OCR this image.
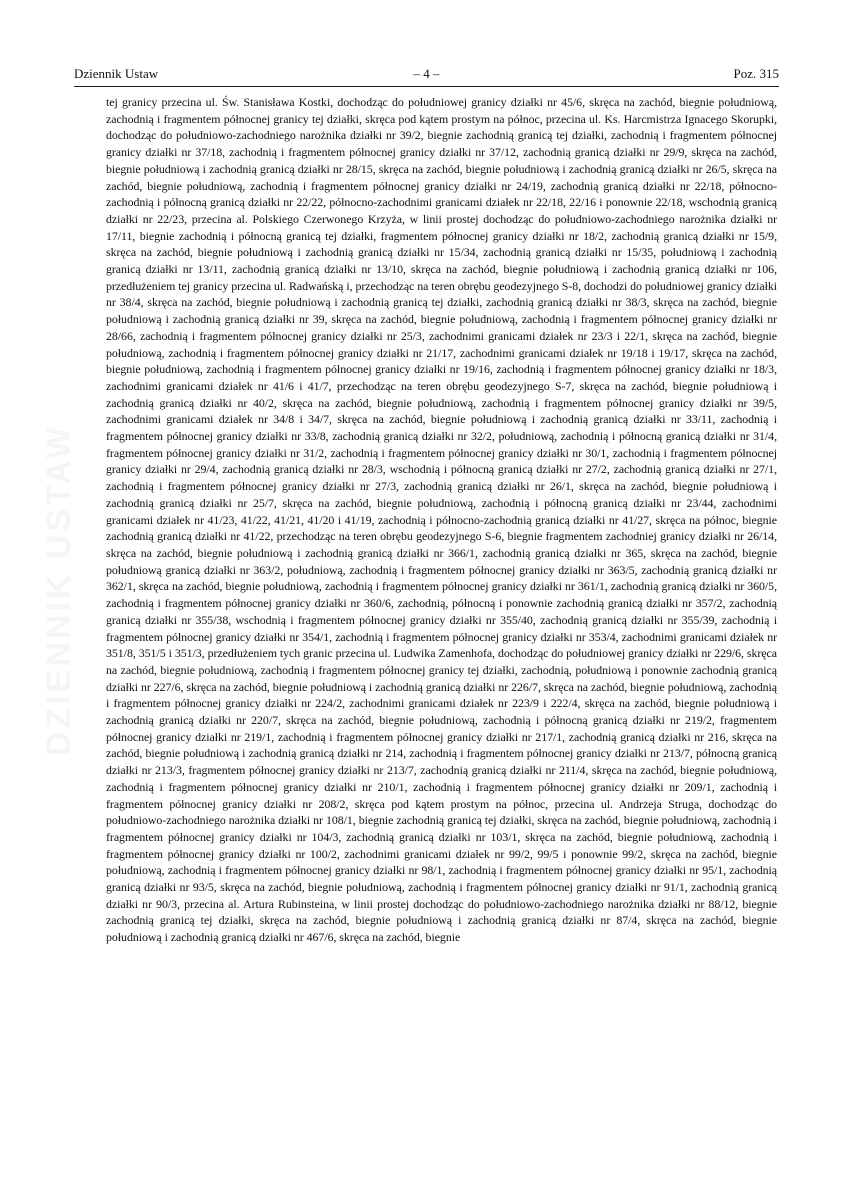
DZIENNIK USTAW
Dziennik Ustaw	– 4 –	Poz. 315

tej granicy przecina ul. Św. Stanisława Kostki, dochodząc do południowej granicy działki nr 45/6, skręca na zachód, biegnie południową, zachodnią i fragmentem północnej granicy tej działki, skręca pod kątem prostym na północ, przecina ul. Ks. Harcmistrza Ignacego Skorupki, dochodząc do południowo-zachodniego narożnika działki nr 39/2, biegnie zachodnią granicą tej działki, zachodnią i fragmentem północnej granicy działki nr 37/18, zachodnią i fragmentem północnej granicy działki nr 37/12, zachodnią granicą działki nr 29/9, skręca na zachód, biegnie południową i zachodnią granicą działki nr 28/15, skręca na zachód, biegnie południową i zachodnią granicą działki nr 26/5, skręca na zachód, biegnie południową, zachodnią i fragmentem północnej granicy działki nr 24/19, zachodnią granicą działki nr 22/18, północno-zachodnią i północną granicą działki nr 22/22, północno-zachodnimi granicami działek nr 22/18, 22/16 i ponownie 22/18, wschodnią granicą działki nr 22/23, przecina al. Polskiego Czerwonego Krzyża, w linii prostej dochodząc do południowo-zachodniego narożnika działki nr 17/11, biegnie zachodnią i północną granicą tej działki, fragmentem północnej granicy działki nr 18/2, zachodnią granicą działki nr 15/9, skręca na zachód, biegnie południową i zachodnią granicą działki nr 15/34, zachodnią granicą działki nr 15/35, południową i zachodnią granicą działki nr 13/11, zachodnią granicą działki nr 13/10, skręca na zachód, biegnie południową i zachodnią granicą działki nr 106, przedłużeniem tej granicy przecina ul. Radwańską i, przechodząc na teren obrębu geodezyjnego S-8, dochodzi do południowej granicy działki nr 38/4, skręca na zachód, biegnie południową i zachodnią granicą tej działki, zachodnią granicą działki nr 38/3, skręca na zachód, biegnie południową i zachodnią granicą działki nr 39, skręca na zachód, biegnie południową, zachodnią i fragmentem północnej granicy działki nr 28/66, zachodnią i fragmentem północnej granicy działki nr 25/3, zachodnimi granicami działek nr 23/3 i 22/1, skręca na zachód, biegnie południową, zachodnią i fragmentem północnej granicy działki nr 21/17, zachodnimi granicami działek nr 19/18 i 19/17, skręca na zachód, biegnie południową, zachodnią i fragmentem północnej granicy działki nr 19/16, zachodnią i fragmentem północnej granicy działki nr 18/3, zachodnimi granicami działek nr 41/6 i 41/7, przechodząc na teren obrębu geodezyjnego S-7, skręca na zachód, biegnie południową i zachodnią granicą działki nr 40/2, skręca na zachód, biegnie południową, zachodnią i fragmentem północnej granicy działki nr 39/5, zachodnimi granicami działek nr 34/8 i 34/7, skręca na zachód, biegnie południową i zachodnią granicą działki nr 33/11, zachodnią i fragmentem północnej granicy działki nr 33/8, zachodnią granicą działki nr 32/2, południową, zachodnią i północną granicą działki nr 31/4, fragmentem północnej granicy działki nr 31/2, zachodnią i fragmentem północnej granicy działki nr 30/1, zachodnią i fragmentem północnej granicy działki nr 29/4, zachodnią granicą działki nr 28/3, wschodnią i północną granicą działki nr 27/2, zachodnią granicą działki nr 27/1, zachodnią i fragmentem północnej granicy działki nr 27/3, zachodnią granicą działki nr 26/1, skręca na zachód, biegnie południową i zachodnią granicą działki nr 25/7, skręca na zachód, biegnie południową, zachodnią i północną granicą działki nr 23/44, zachodnimi granicami działek nr 41/23, 41/22, 41/21, 41/20 i 41/19, zachodnią i północno-zachodnią granicą działki nr 41/27, skręca na północ, biegnie zachodnią granicą działki nr 41/22, przechodząc na teren obrębu geodezyjnego S-6, biegnie fragmentem zachodniej granicy działki nr 26/14, skręca na zachód, biegnie południową i zachodnią granicą działki nr 366/1, zachodnią granicą działki nr 365, skręca na zachód, biegnie południową granicą działki nr 363/2, południową, zachodnią i fragmentem północnej granicy działki nr 363/5, zachodnią granicą działki nr 362/1, skręca na zachód, biegnie południową, zachodnią i fragmentem północnej granicy działki nr 361/1, zachodnią granicą działki nr 360/5, zachodnią i fragmentem północnej granicy działki nr 360/6, zachodnią, północną i ponownie zachodnią granicą działki nr 357/2, zachodnią granicą działki nr 355/38, wschodnią i fragmentem północnej granicy działki nr 355/40, zachodnią granicą działki nr 355/39, zachodnią i fragmentem północnej granicy działki nr 354/1, zachodnią i fragmentem północnej granicy działki nr 353/4, zachodnimi granicami działek nr 351/8, 351/5 i 351/3, przedłużeniem tych granic przecina ul. Ludwika Zamenhofa, dochodząc do południowej granicy działki nr 229/6, skręca na zachód, biegnie południową, zachodnią i fragmentem północnej granicy tej działki, zachodnią, południową i ponownie zachodnią granicą działki nr 227/6, skręca na zachód, biegnie południową i zachodnią granicą działki nr 226/7, skręca na zachód, biegnie południową, zachodnią i fragmentem północnej granicy działki nr 224/2, zachodnimi granicami działek nr 223/9 i 222/4, skręca na zachód, biegnie południową i zachodnią granicą działki nr 220/7, skręca na zachód, biegnie południową, zachodnią i północną granicą działki nr 219/2, fragmentem północnej granicy działki nr 219/1, zachodnią i fragmentem północnej granicy działki nr 217/1, zachodnią granicą działki nr 216, skręca na zachód, biegnie południową i zachodnią granicą działki nr 214, zachodnią i fragmentem północnej granicy działki nr 213/7, północną granicą działki nr 213/3, fragmentem północnej granicy działki nr 213/7, zachodnią granicą działki nr 211/4, skręca na zachód, biegnie południową, zachodnią i fragmentem północnej granicy działki nr 210/1, zachodnią i fragmentem północnej granicy działki nr 209/1, zachodnią i fragmentem północnej granicy działki nr 208/2, skręca pod kątem prostym na północ, przecina ul. Andrzeja Struga, dochodząc do południowo-zachodniego narożnika działki nr 108/1, biegnie zachodnią granicą tej działki, skręca na zachód, biegnie południową, zachodnią i fragmentem północnej granicy działki nr 104/3, zachodnią granicą działki nr 103/1, skręca na zachód, biegnie południową, zachodnią i fragmentem północnej granicy działki nr 100/2, zachodnimi granicami działek nr 99/2, 99/5 i ponownie 99/2, skręca na zachód, biegnie południową, zachodnią i fragmentem północnej granicy działki nr 98/1, zachodnią i fragmentem północnej granicy działki nr 95/1, zachodnią granicą działki nr 93/5, skręca na zachód, biegnie południową, zachodnią i fragmentem północnej granicy działki nr 91/1, zachodnią granicą działki nr 90/3, przecina al. Artura Rubinsteina, w linii prostej dochodząc do południowo-zachodniego narożnika działki nr 88/12, biegnie zachodnią granicą tej działki, skręca na zachód, biegnie południową i zachodnią granicą działki nr 87/4, skręca na zachód, biegnie południową i zachodnią granicą działki nr 467/6, skręca na zachód, biegnie
